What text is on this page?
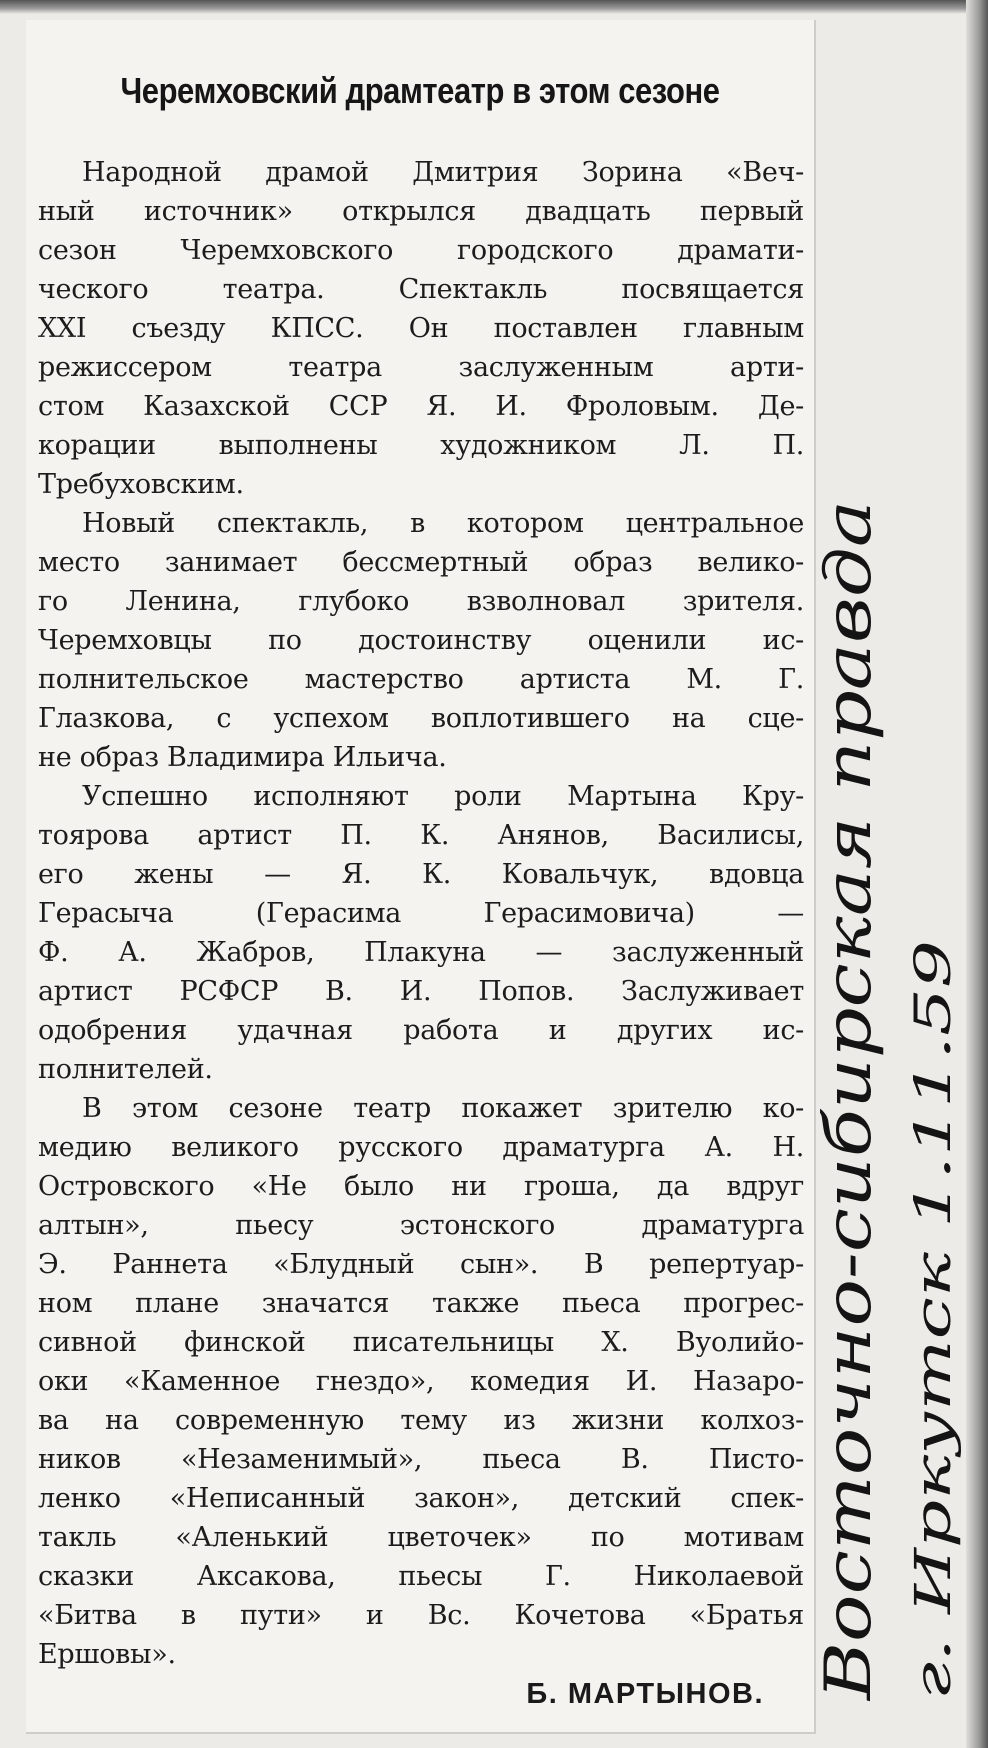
Черемховский драмтеатр в этом сезоне
Народной драмой Дмитрия Зорина «Веч-
ный источник» открылся двадцать первый
сезон Черемховского городского драмати-
ческого театра. Спектакль посвящается
XXI съезду КПСС. Он поставлен главным
режиссером театра заслуженным арти-
стом Казахской ССР Я. И. Фроловым. Де-
корации выполнены художником Л. П.
Требуховским.
Новый спектакль, в котором центральное
место занимает бессмертный образ велико-
го Ленина, глубоко взволновал зрителя.
Черемховцы по достоинству оценили ис-
полнительское мастерство артиста М. Г.
Глазкова, с успехом воплотившего на сце-
не образ Владимира Ильича.
Успешно исполняют роли Мартына Кру-
тоярова артист П. К. Анянов, Василисы,
его жены — Я. К. Ковальчук, вдовца
Герасыча (Герасима Герасимовича) —
Ф. А. Жабров, Плакуна — заслуженный
артист РСФСР В. И. Попов. Заслуживает
одобрения удачная работа и других ис-
полнителей.
В этом сезоне театр покажет зрителю ко-
медию великого русского драматурга А. Н.
Островского «Не было ни гроша, да вдруг
алтын», пьесу эстонского драматурга
Э. Раннета «Блудный сын». В репертуар-
ном плане значатся также пьеса прогрес-
сивной финской писательницы Х. Вуолийо-
оки «Каменное гнездо», комедия И. Назаро-
ва на современную тему из жизни колхоз-
ников «Незаменимый», пьеса В. Писто-
ленко «Неписанный закон», детский спек-
такль «Аленький цветочек» по мотивам
сказки Аксакова, пьесы Г. Николаевой
«Битва в пути» и Вс. Кочетова «Братья
Ершовы».
Б. МАРТЫНОВ. Восточно-сибирская правда г. Иркутск 1.11.59
